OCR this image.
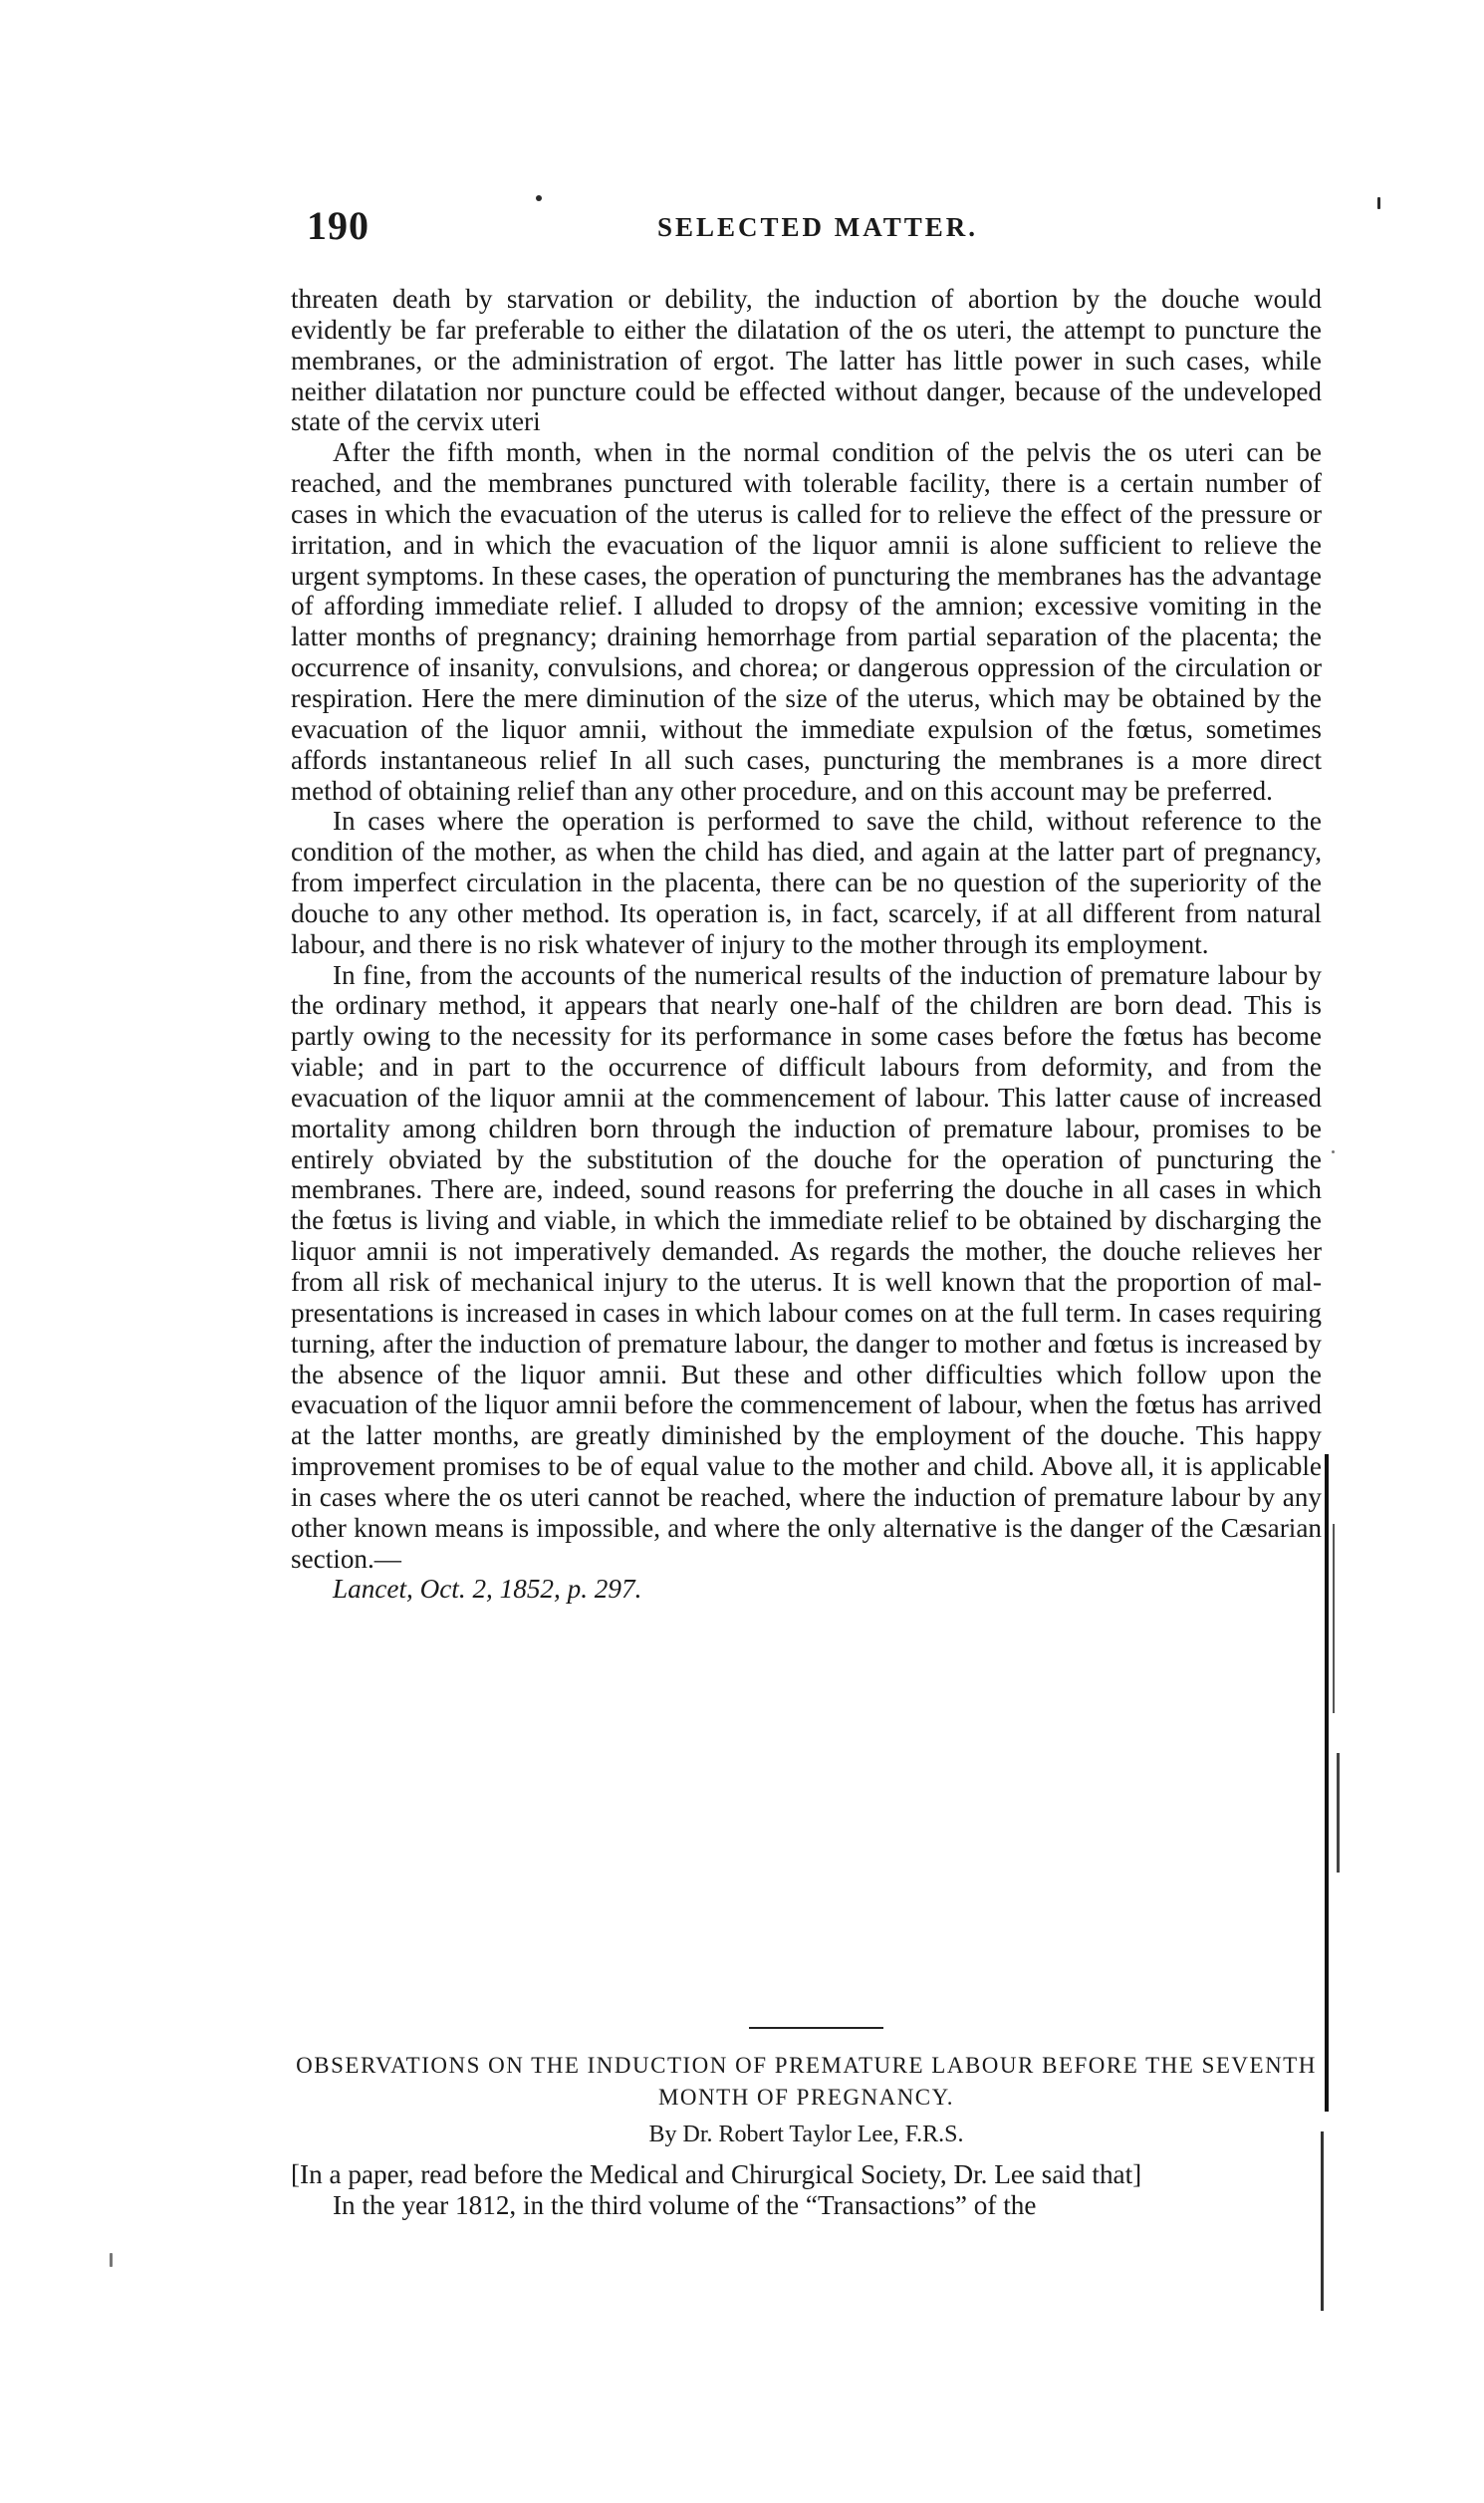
190	SELECTED MATTER.

threaten death by starvation or debility, the induction of abortion by the douche would evidently be far preferable to either the dilatation of the os uteri, the attempt to puncture the membranes, or the administration of ergot. The latter has little power in such cases, while neither dilatation nor puncture could be effected without danger, because of the undeveloped state of the cervix uteri

After the fifth month, when in the normal condition of the pelvis the os uteri can be reached, and the membranes punctured with tolerable facility, there is a certain number of cases in which the evacuation of the uterus is called for to relieve the effect of the pressure or irritation, and in which the evacuation of the liquor amnii is alone sufficient to relieve the urgent symptoms. In these cases, the operation of puncturing the membranes has the advantage of affording immediate relief. I alluded to dropsy of the amnion; excessive vomiting in the latter months of pregnancy; draining hemorrhage from partial separation of the placenta; the occurrence of insanity, convulsions, and chorea; or dangerous oppression of the circulation or respiration. Here the mere diminution of the size of the uterus, which may be obtained by the evacuation of the liquor amnii, without the immediate expulsion of the fœtus, sometimes affords instantaneous relief In all such cases, puncturing the membranes is a more direct method of obtaining relief than any other procedure, and on this account may be preferred.

In cases where the operation is performed to save the child, without reference to the condition of the mother, as when the child has died, and again at the latter part of pregnancy, from imperfect circulation in the placenta, there can be no question of the superiority of the douche to any other method. Its operation is, in fact, scarcely, if at all different from natural labour, and there is no risk whatever of injury to the mother through its employment.

In fine, from the accounts of the numerical results of the induction of premature labour by the ordinary method, it appears that nearly one-half of the children are born dead. This is partly owing to the necessity for its performance in some cases before the fœtus has become viable; and in part to the occurrence of difficult labours from deformity, and from the evacuation of the liquor amnii at the commencement of labour. This latter cause of increased mortality among children born through the induction of premature labour, promises to be entirely obviated by the substitution of the douche for the operation of puncturing the membranes. There are, indeed, sound reasons for preferring the douche in all cases in which the fœtus is living and viable, in which the immediate relief to be obtained by discharging the liquor amnii is not imperatively demanded. As regards the mother, the douche relieves her from all risk of mechanical injury to the uterus. It is well known that the proportion of mal-presentations is increased in cases in which labour comes on at the full term. In cases requiring turning, after the induction of premature labour, the danger to mother and fœtus is increased by the absence of the liquor amnii. But these and other difficulties which follow upon the evacuation of the liquor amnii before the commencement of labour, when the fœtus has arrived at the latter months, are greatly diminished by the employment of the douche. This happy improvement promises to be of equal value to the mother and child. Above all, it is applicable in cases where the os uteri cannot be reached, where the induction of premature labour by any other known means is impossible, and where the only alternative is the danger of the Cæsarian section.—

Lancet, Oct. 2, 1852, p. 297.

OBSERVATIONS ON THE INDUCTION OF PREMATURE LABOUR BEFORE THE SEVENTH
MONTH OF PREGNANCY.
By Dr. Robert Taylor Lee, F.R.S.

[In a paper, read before the Medical and Chirurgical Society, Dr. Lee said that]

In the year 1812, in the third volume of the “Transactions” of the
